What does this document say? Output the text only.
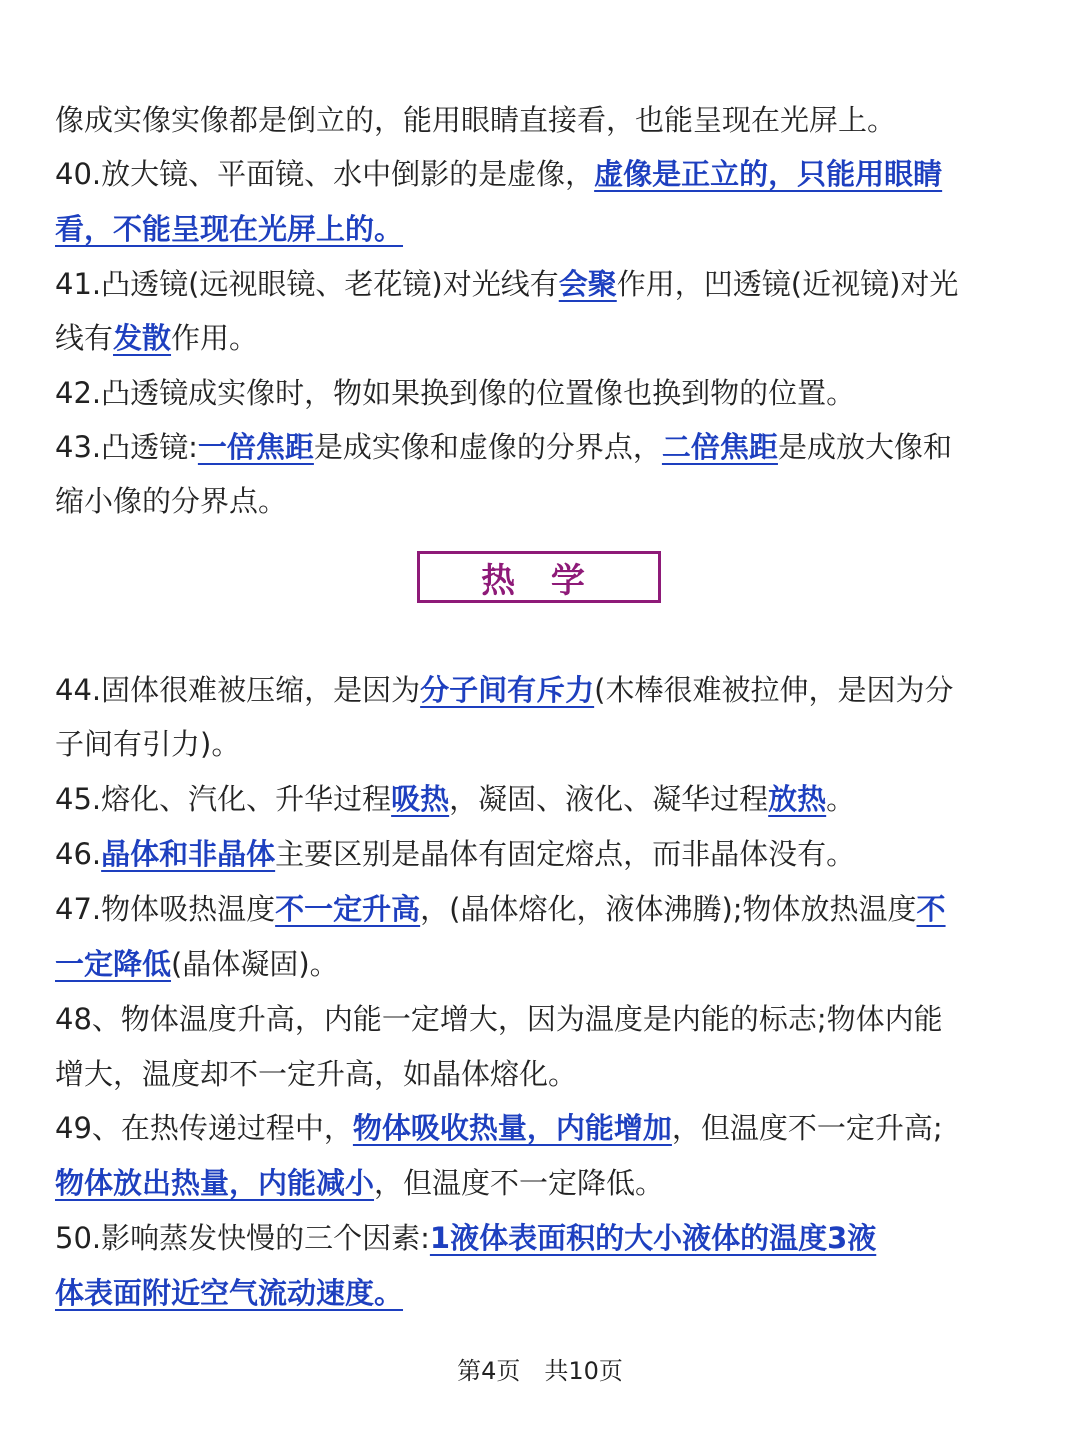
像成实像实像都是倒立的，能用眼睛直接看，也能呈现在光屏上。
40.放大镜、平面镜、水中倒影的是虚像，虚像是正立的，只能用眼睛
看，不能呈现在光屏上的。
41.凸透镜(远视眼镜、老花镜)对光线有会聚作用，凹透镜(近视镜)对光
线有发散作用。
42.凸透镜成实像时，物如果换到像的位置像也换到物的位置。
43.凸透镜:一倍焦距是成实像和虚像的分界点，二倍焦距是成放大像和
缩小像的分界点。
热 学
44.固体很难被压缩，是因为分子间有斥力(木棒很难被拉伸，是因为分
子间有引力)。
45.熔化、汽化、升华过程吸热，凝固、液化、凝华过程放热。
46.晶体和非晶体主要区别是晶体有固定熔点，而非晶体没有。
47.物体吸热温度不一定升高，(晶体熔化，液体沸腾);物体放热温度不
一定降低(晶体凝固)。
48、物体温度升高，内能一定增大，因为温度是内能的标志;物体内能
增大，温度却不一定升高，如晶体熔化。
49、在热传递过程中，物体吸收热量，内能增加，但温度不一定升高;
物体放出热量，内能减小，但温度不一定降低。
50.影响蒸发快慢的三个因素:1液体表面积的大小液体的温度3液
体表面附近空气流动速度。
第4页 共10页
